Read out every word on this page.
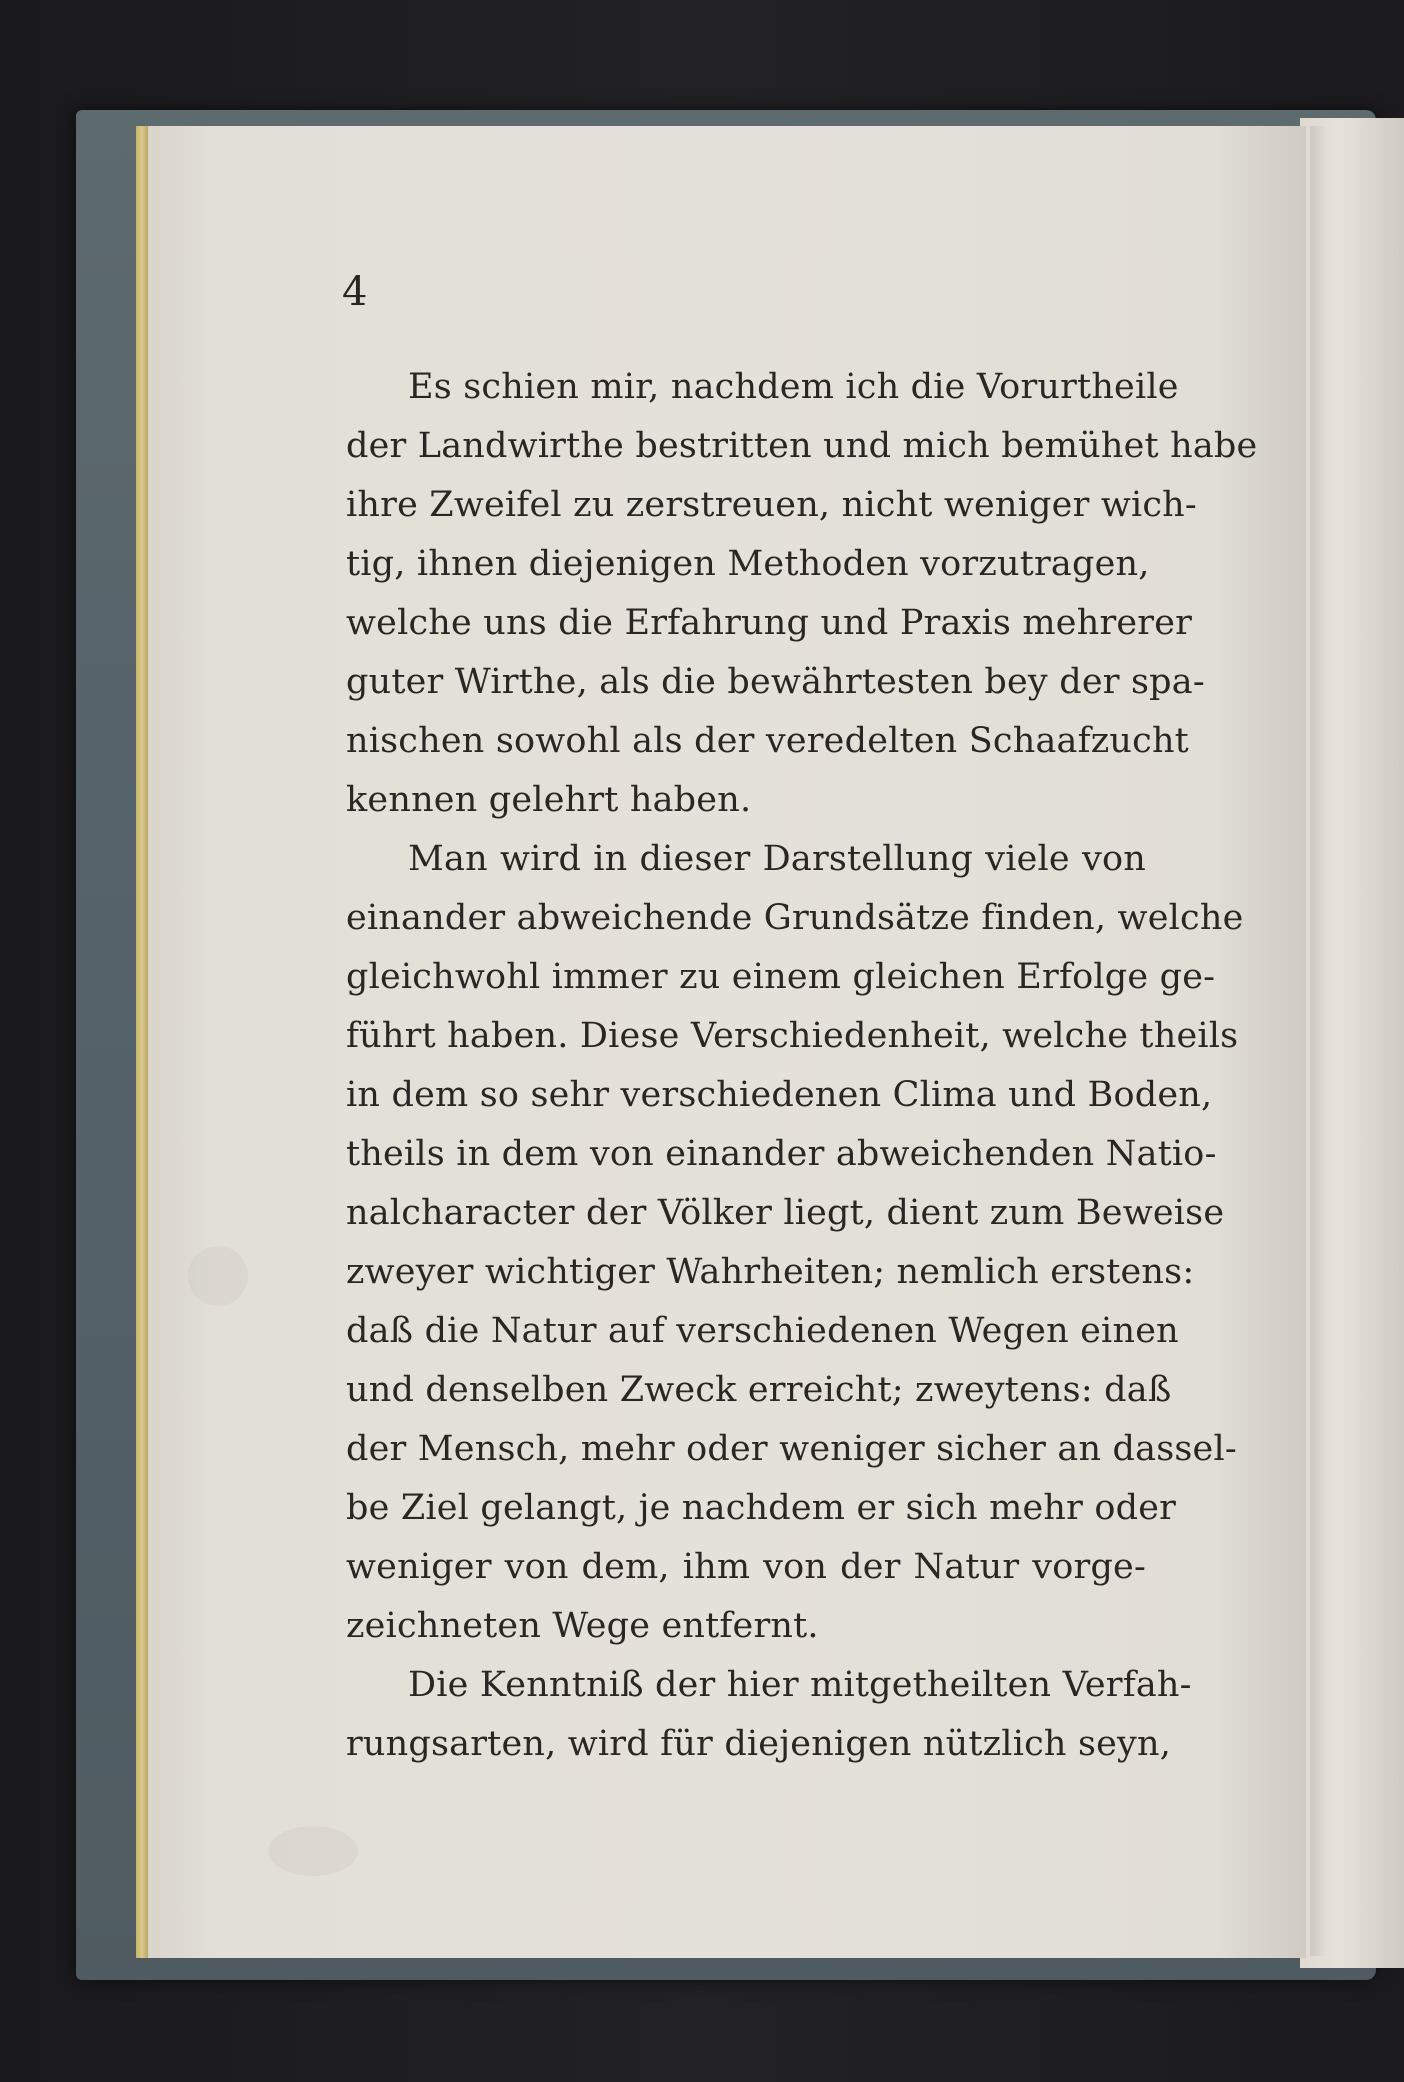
4
Es schien mir, nachdem ich die Vorurtheile
der Landwirthe bestritten und mich bemühet habe
ihre Zweifel zu zerstreuen, nicht weniger wich-
tig, ihnen diejenigen Methoden vorzutragen,
welche uns die Erfahrung und Praxis mehrerer
guter Wirthe, als die bewährtesten bey der spa-
nischen sowohl als der veredelten Schaafzucht
kennen gelehrt haben.
Man wird in dieser Darstellung viele von
einander abweichende Grundsätze finden, welche
gleichwohl immer zu einem gleichen Erfolge ge-
führt haben. Diese Verschiedenheit, welche theils
in dem so sehr verschiedenen Clima und Boden,
theils in dem von einander abweichenden Natio-
nalcharacter der Völker liegt, dient zum Beweise
zweyer wichtiger Wahrheiten; nemlich erstens:
daß die Natur auf verschiedenen Wegen einen
und denselben Zweck erreicht; zweytens: daß
der Mensch, mehr oder weniger sicher an dassel-
be Ziel gelangt, je nachdem er sich mehr oder
weniger von dem, ihm von der Natur vorge-
zeichneten Wege entfernt.
Die Kenntniß der hier mitgetheilten Verfah-
rungsarten, wird für diejenigen nützlich seyn,
